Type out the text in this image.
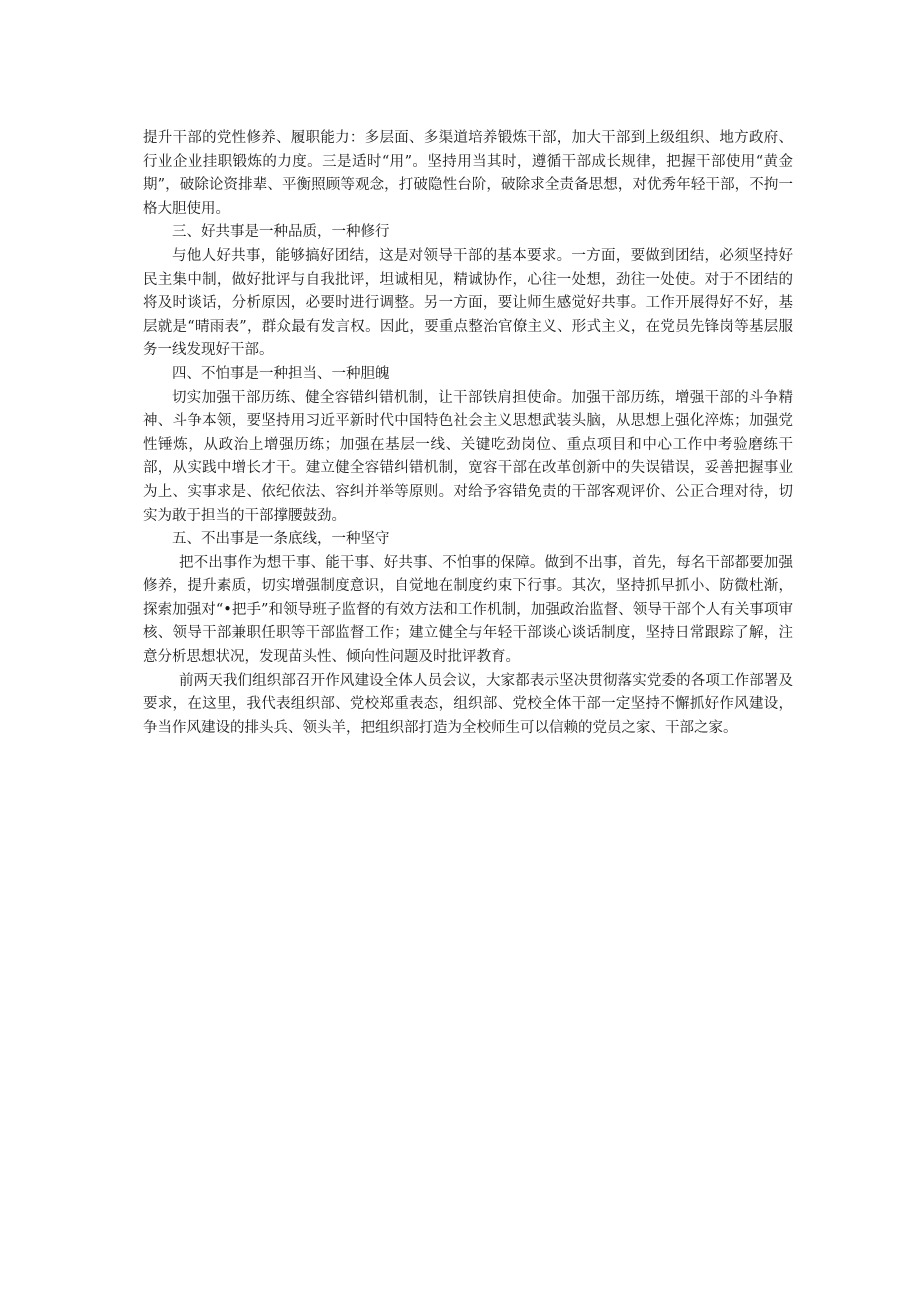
提升干部的党性修养、履职能力：多层面、多渠道培养锻炼干部，加大干部到上级组织、地方政府、行业企业挂职锻炼的力度。三是适时“用”。坚持用当其时，遵循干部成长规律，把握干部使用“黄金期”，破除论资排辈、平衡照顾等观念，打破隐性台阶，破除求全责备思想，对优秀年轻干部，不拘一格大胆使用。

三、好共事是一种品质，一种修行

与他人好共事，能够搞好团结，这是对领导干部的基本要求。一方面，要做到团结，必须坚持好民主集中制，做好批评与自我批评，坦诚相见，精诚协作，心往一处想，劲往一处使。对于不团结的将及时谈话，分析原因，必要时进行调整。另一方面，要让师生感觉好共事。工作开展得好不好，基层就是“晴雨表”，群众最有发言权。因此，要重点整治官僚主义、形式主义，在党员先锋岗等基层服务一线发现好干部。

四、不怕事是一种担当、一种胆魄

切实加强干部历练、健全容错纠错机制，让干部铁肩担使命。加强干部历练，增强干部的斗争精神、斗争本领，要坚持用习近平新时代中国特色社会主义思想武装头脑，从思想上强化淬炼；加强党性锤炼，从政治上增强历练；加强在基层一线、关键吃劲岗位、重点项目和中心工作中考验磨练干部，从实践中增长才干。建立健全容错纠错机制，宽容干部在改革创新中的失误错误，妥善把握事业为上、实事求是、依纪依法、容纠并举等原则。对给予容错免责的干部客观评价、公正合理对待，切实为敢于担当的干部撑腰鼓劲。

五、不出事是一条底线，一种坚守

把不出事作为想干事、能干事、好共事、不怕事的保障。做到不出事，首先，每名干部都要加强修养，提升素质，切实增强制度意识，自觉地在制度约束下行事。其次，坚持抓早抓小、防微杜渐，探索加强对“•把手”和领导班子监督的有效方法和工作机制，加强政治监督、领导干部个人有关事项审核、领导干部兼职任职等干部监督工作；建立健全与年轻干部谈心谈话制度，坚持日常跟踪了解，注意分析思想状况，发现苗头性、倾向性问题及时批评教育。

前两天我们组织部召开作风建设全体人员会议，大家都表示坚决贯彻落实党委的各项工作部署及要求，在这里，我代表组织部、党校郑重表态，组织部、党校全体干部一定坚持不懈抓好作风建设，争当作风建设的排头兵、领头羊，把组织部打造为全校师生可以信赖的党员之家、干部之家。
